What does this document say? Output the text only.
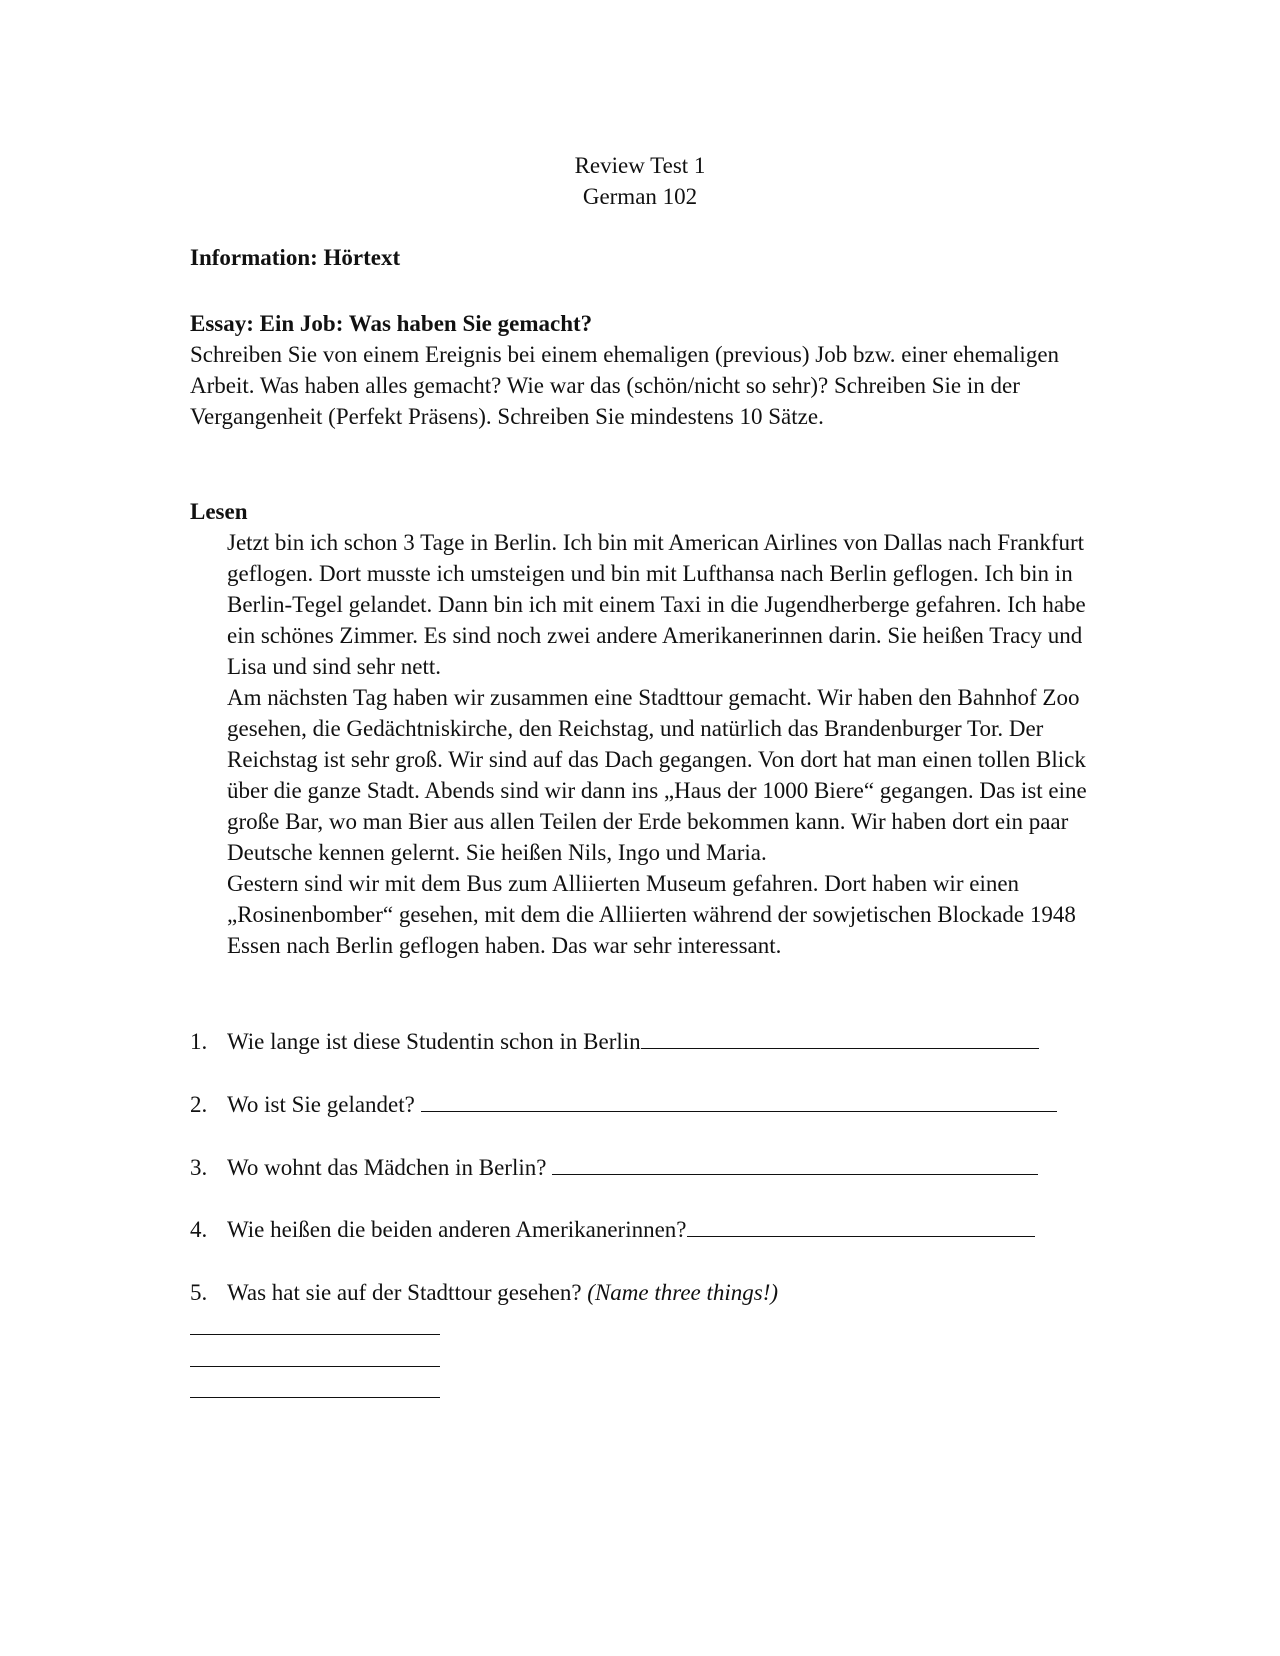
Review Test 1
German 102
Information: Hörtext
Essay: Ein Job: Was haben Sie gemacht?

Schreiben Sie von einem Ereignis bei einem ehemaligen (previous) Job bzw. einer ehemaligen Arbeit. Was haben alles gemacht? Wie war das (schön/nicht so sehr)? Schreiben Sie in der Vergangenheit (Perfekt Präsens). Schreiben Sie mindestens 10 Sätze.

Lesen

Jetzt bin ich schon 3 Tage in Berlin. Ich bin mit American Airlines von Dallas nach Frankfurt geflogen. Dort musste ich umsteigen und bin mit Lufthansa nach Berlin geflogen. Ich bin in Berlin-Tegel gelandet. Dann bin ich mit einem Taxi in die Jugendherberge gefahren. Ich habe ein schönes Zimmer. Es sind noch zwei andere Amerikanerinnen darin. Sie heißen Tracy und Lisa und sind sehr nett.

Am nächsten Tag haben wir zusammen eine Stadttour gemacht. Wir haben den Bahnhof Zoo gesehen, die Gedächtniskirche, den Reichstag, und natürlich das Brandenburger Tor. Der Reichstag ist sehr groß. Wir sind auf das Dach gegangen. Von dort hat man einen tollen Blick über die ganze Stadt. Abends sind wir dann ins „Haus der 1000 Biere“ gegangen. Das ist eine große Bar, wo man Bier aus allen Teilen der Erde bekommen kann. Wir haben dort ein paar Deutsche kennen gelernt. Sie heißen Nils, Ingo und Maria.

Gestern sind wir mit dem Bus zum Alliierten Museum gefahren. Dort haben wir einen „Rosinenbomber“ gesehen, mit dem die Alliierten während der sowjetischen Blockade 1948 Essen nach Berlin geflogen haben. Das war sehr interessant.

1. Wie lange ist diese Studentin schon in Berlin
2. Wo ist Sie gelandet?
3. Wo wohnt das Mädchen in Berlin?
4. Wie heißen die beiden anderen Amerikanerinnen?
5. Was hat sie auf der Stadttour gesehen? (Name three things!)
